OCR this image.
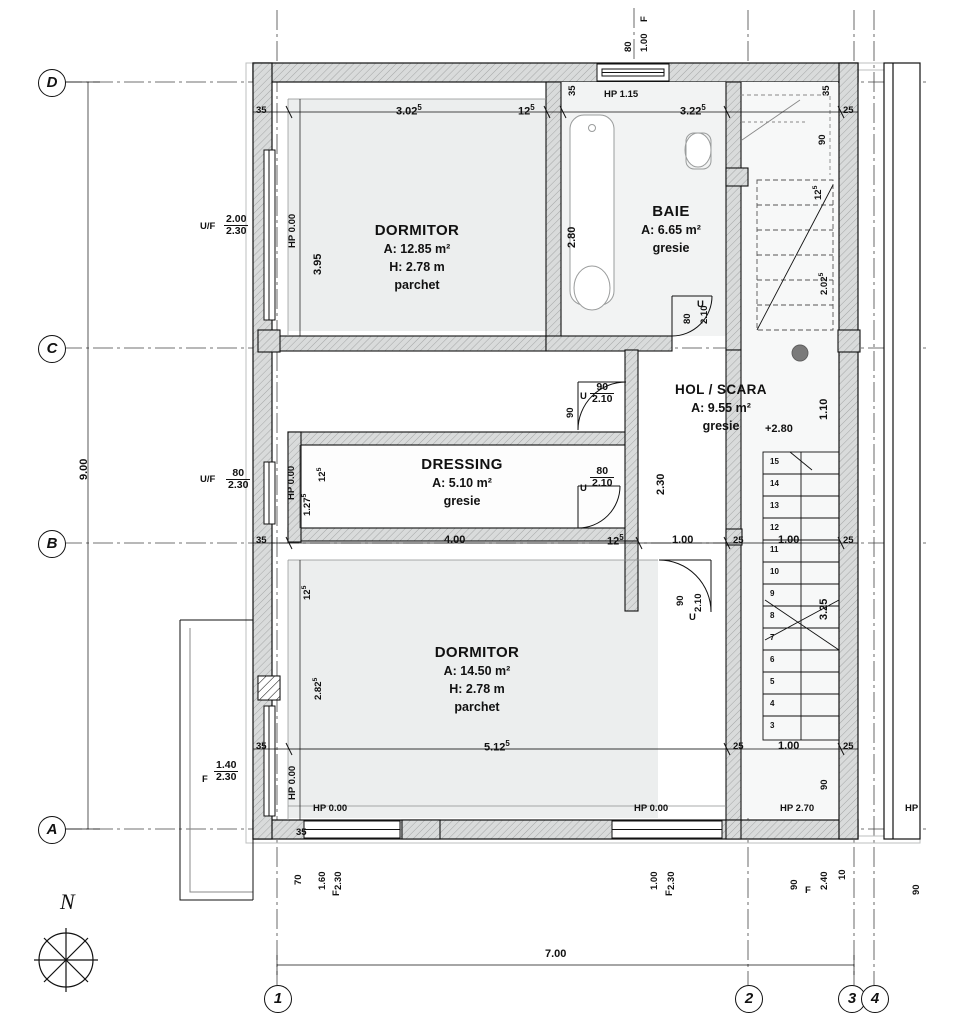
D
C
B
A
1	2	3 4
DORMITOR
A: 12.85 m²
H: 2.78 m
parchet
BAIE
A: 6.65 m²
gresie
HOL / SCARA
A: 9.55 m²
gresie
DRESSING
A: 5.10 m²
gresie
DORMITOR
A: 14.50 m²
H: 2.78 m
parchet
+2.80
N
7.00
9.00
35	3.02$^5$	$12^5$
35
3.22$^5$
35
25
F
80 1.00
HP 1.15
$U/F \frac{2.00}{2.30}$	HP 0.00
3.95
$U/F \frac{80}{2.30}$	HP 0.00
1.27$^5$
$12^5$
F $\frac{1.40}{2.30}$	HP 0.00
2.82$^5$
$12^5$
2.80
90
U $\frac{90}{2.10}$
U $\frac{80}{2.10}$	2.30
U
80 2.10
U
90 2.10
90
$12^5$
2.02$^5$
1.10
3.25
90
90 2.40
F
10
90
35	4.00	$12^5$	1.00	25	1.00	25
35	5.12$^5$	25	1.00	25
35
HP 0.00	HP 0.00	HP 2.70	HP
70
F
1.60 2.30
F
1.00 2.30
15
14
13
12
11
10
9
8
7
6
5
4
3
